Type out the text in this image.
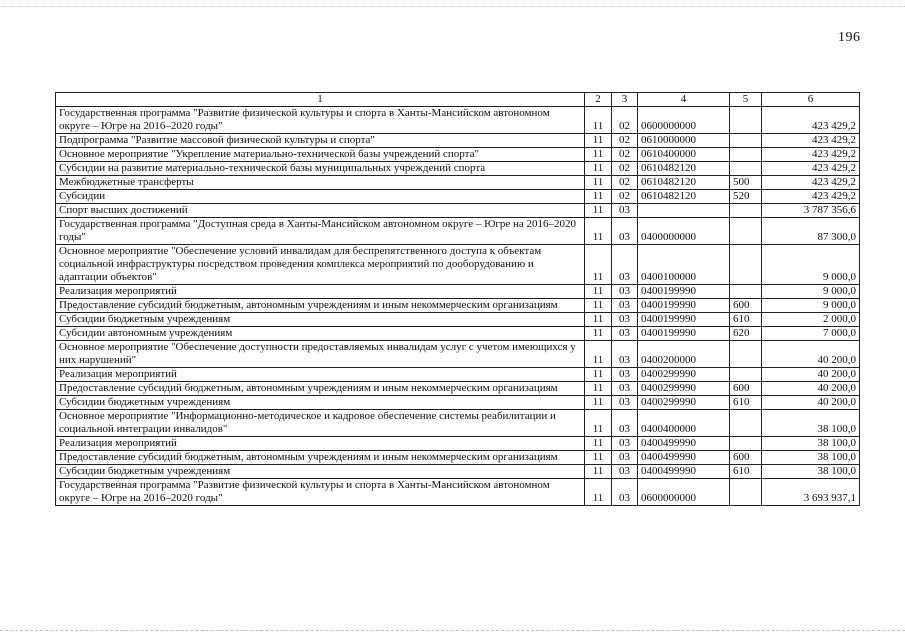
196
1	2	3	4	5	6
Государственная программа "Развитие физической культуры и спорта в Ханты-Мансийском автономном округе – Югре на 2016–2020 годы"	11	02	0600000000		423 429,2
Подпрограмма "Развитие массовой физической культуры и спорта"	11	02	0610000000		423 429,2
Основное мероприятие "Укрепление материально-технической базы учреждений спорта"	11	02	0610400000		423 429,2
Субсидии на развитие материально-технической базы муниципальных учреждений спорта	11	02	0610482120		423 429,2
Межбюджетные трансферты	11	02	0610482120	500	423 429,2
Субсидии	11	02	0610482120	520	423 429,2
Спорт высших достижений	11	03			3 787 356,6
Государственная программа "Доступная среда в Ханты-Мансийском автономном округе – Югре на 2016–2020 годы"	11	03	0400000000		87 300,0
Основное мероприятие "Обеспечение условий инвалидам для беспрепятственного доступа к объектам социальной инфраструктуры посредством проведения комплекса мероприятий по дооборудованию и адаптации объектов"	11	03	0400100000		9 000,0
Реализация мероприятий	11	03	0400199990		9 000,0
Предоставление субсидий бюджетным, автономным учреждениям и иным некоммерческим организациям	11	03	0400199990	600	9 000,0
Субсидии бюджетным учреждениям	11	03	0400199990	610	2 000,0
Субсидии автономным учреждениям	11	03	0400199990	620	7 000,0
Основное мероприятие "Обеспечение доступности предоставляемых инвалидам услуг с учетом имеющихся у них нарушений"	11	03	0400200000		40 200,0
Реализация мероприятий	11	03	0400299990		40 200,0
Предоставление субсидий бюджетным, автономным учреждениям и иным некоммерческим организациям	11	03	0400299990	600	40 200,0
Субсидии бюджетным учреждениям	11	03	0400299990	610	40 200,0
Основное мероприятие "Информационно-методическое и кадровое обеспечение системы реабилитации и социальной интеграции инвалидов"	11	03	0400400000		38 100,0
Реализация мероприятий	11	03	0400499990		38 100,0
Предоставление субсидий бюджетным, автономным учреждениям и иным некоммерческим организациям	11	03	0400499990	600	38 100,0
Субсидии бюджетным учреждениям	11	03	0400499990	610	38 100,0
Государственная программа "Развитие физической культуры и спорта в Ханты-Мансийском автономном округе – Югре на 2016–2020 годы"	11	03	0600000000		3 693 937,1
